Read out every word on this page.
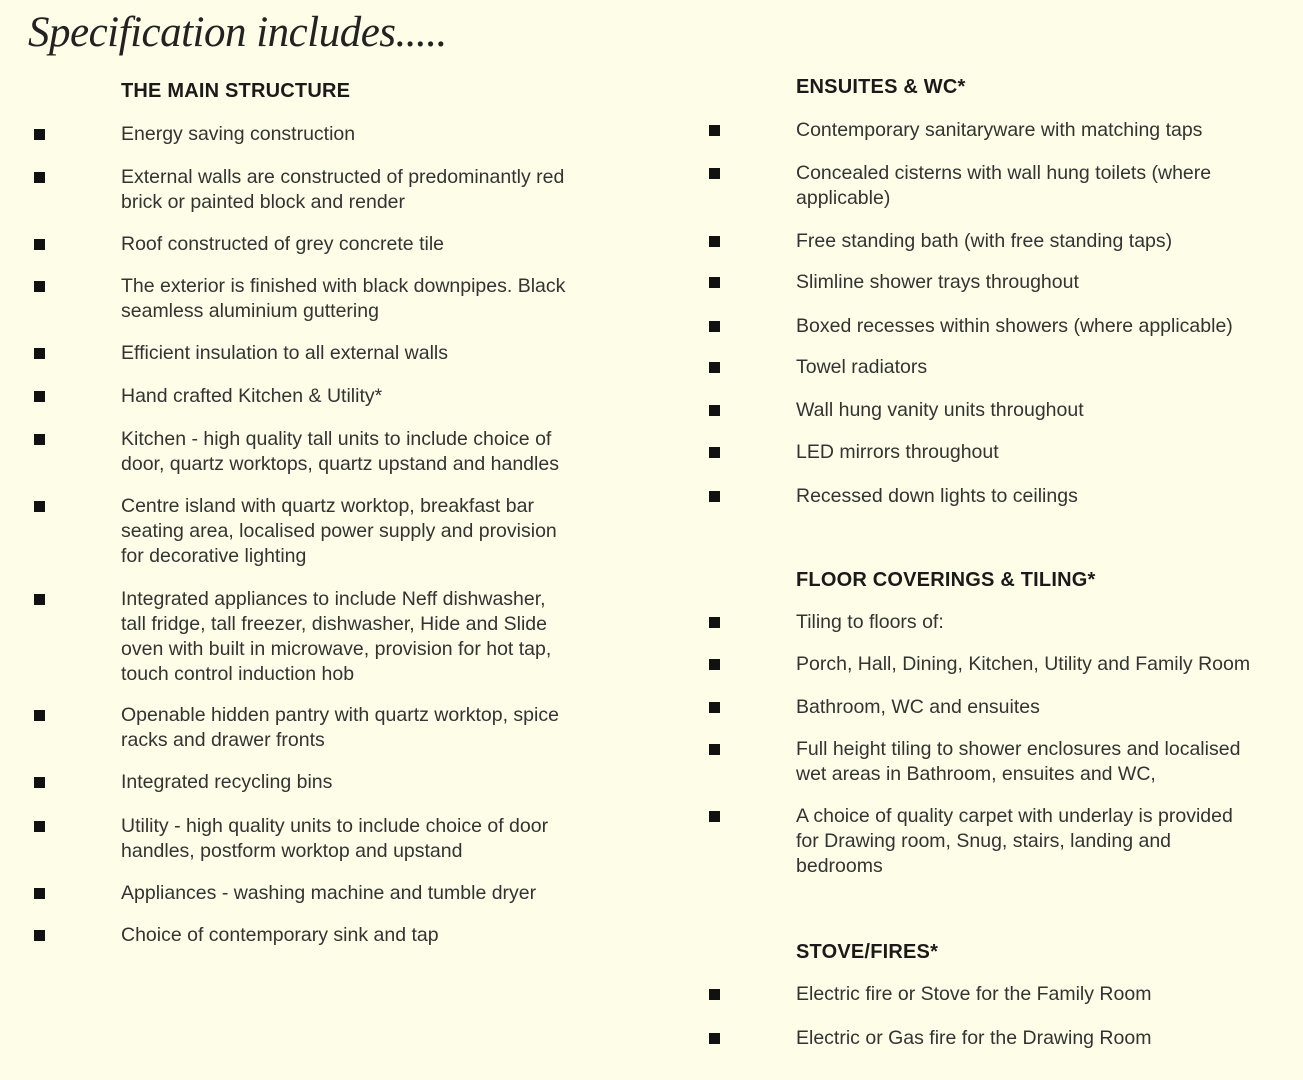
Specification includes.....
THE MAIN STRUCTURE
Energy saving construction
External walls are constructed of predominantly red
brick or painted block and render
Roof constructed of grey concrete tile
The exterior is finished with black downpipes. Black
seamless aluminium guttering
Efficient insulation to all external walls
Hand crafted Kitchen & Utility*
Kitchen - high quality tall units to include choice of
door, quartz worktops, quartz upstand and handles
Centre island with quartz worktop, breakfast bar
seating area, localised power supply and provision
for decorative lighting
Integrated appliances to include Neff dishwasher,
tall fridge, tall freezer, dishwasher, Hide and Slide
oven with built in microwave, provision for hot tap,
touch control induction hob
Openable hidden pantry with quartz worktop, spice
racks and drawer fronts
Integrated recycling bins
Utility - high quality units to include choice of door
handles, postform worktop and upstand
Appliances - washing machine and tumble dryer
Choice of contemporary sink and tap
ENSUITES & WC*
Contemporary sanitaryware with matching taps
Concealed cisterns with wall hung toilets (where
applicable)
Free standing bath (with free standing taps)
Slimline shower trays throughout
Boxed recesses within showers (where applicable)
Towel radiators
Wall hung vanity units throughout
LED mirrors throughout
Recessed down lights to ceilings
FLOOR COVERINGS & TILING*
Tiling to floors of:
Porch, Hall, Dining, Kitchen, Utility and Family Room
Bathroom, WC and ensuites
Full height tiling to shower enclosures and localised
wet areas in Bathroom, ensuites and WC,
A choice of quality carpet with underlay is provided
for Drawing room, Snug, stairs, landing and
bedrooms
STOVE/FIRES*
Electric fire or Stove for the Family Room
Electric or Gas fire for the Drawing Room
